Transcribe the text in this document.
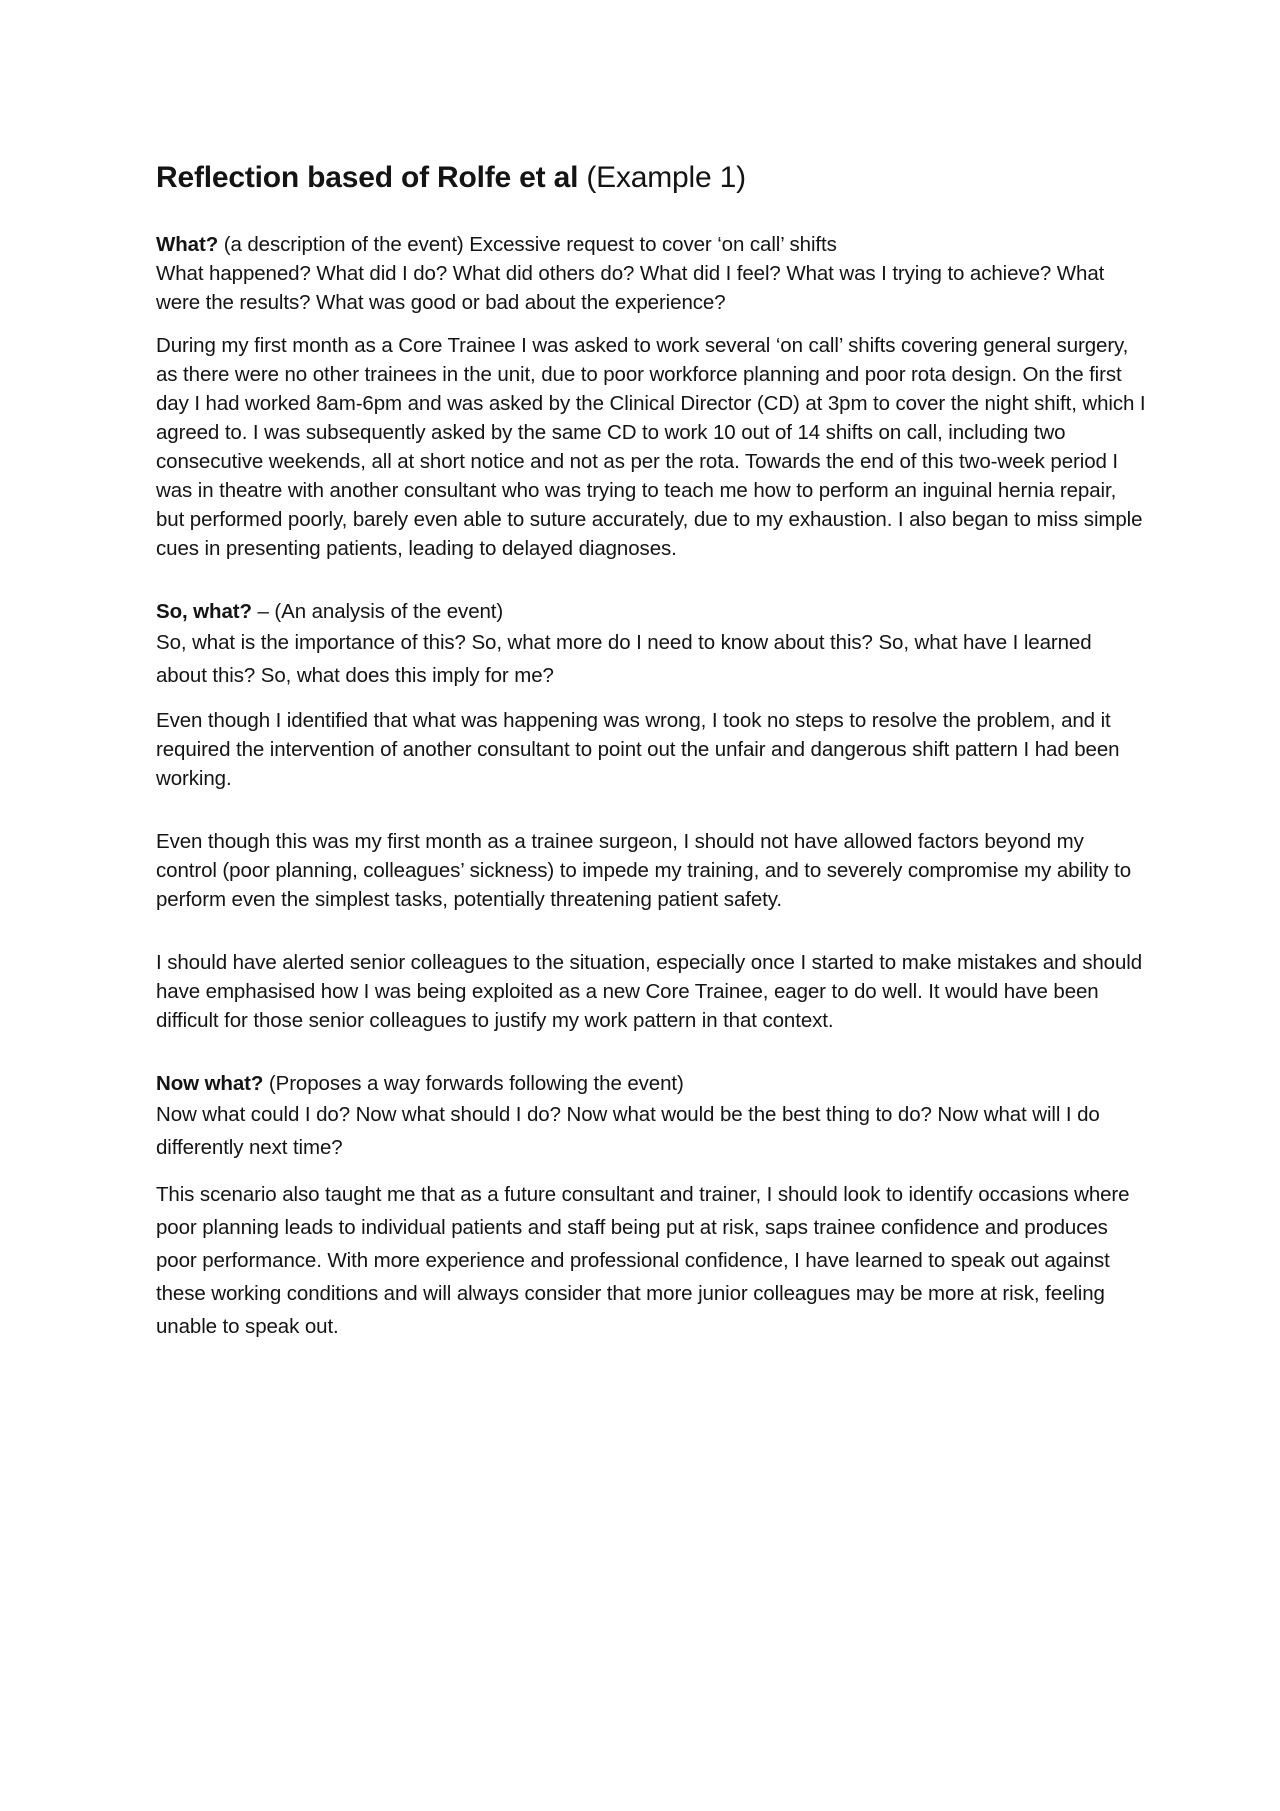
Reflection based of Rolfe et al (Example 1)

What? (a description of the event) Excessive request to cover ‘on call’ shifts

What happened? What did I do? What did others do? What did I feel? What was I trying to achieve? What were the results? What was good or bad about the experience?

During my first month as a Core Trainee I was asked to work several ‘on call’ shifts covering general surgery, as there were no other trainees in the unit, due to poor workforce planning and poor rota design. On the first day I had worked 8am-6pm and was asked by the Clinical Director (CD) at 3pm to cover the night shift, which I agreed to. I was subsequently asked by the same CD to work 10 out of 14 shifts on call, including two consecutive weekends, all at short notice and not as per the rota. Towards the end of this two-week period I was in theatre with another consultant who was trying to teach me how to perform an inguinal hernia repair, but performed poorly, barely even able to suture accurately, due to my exhaustion. I also began to miss simple cues in presenting patients, leading to delayed diagnoses.

So, what? – (An analysis of the event)

So, what is the importance of this? So, what more do I need to know about this? So, what have I learned about this? So, what does this imply for me?

Even though I identified that what was happening was wrong, I took no steps to resolve the problem, and it required the intervention of another consultant to point out the unfair and dangerous shift pattern I had been working.

Even though this was my first month as a trainee surgeon, I should not have allowed factors beyond my control (poor planning, colleagues’ sickness) to impede my training, and to severely compromise my ability to perform even the simplest tasks, potentially threatening patient safety.

I should have alerted senior colleagues to the situation, especially once I started to make mistakes and should have emphasised how I was being exploited as a new Core Trainee, eager to do well. It would have been difficult for those senior colleagues to justify my work pattern in that context.

Now what? (Proposes a way forwards following the event)

Now what could I do? Now what should I do? Now what would be the best thing to do? Now what will I do differently next time?

This scenario also taught me that as a future consultant and trainer, I should look to identify occasions where poor planning leads to individual patients and staff being put at risk, saps trainee confidence and produces poor performance. With more experience and professional confidence, I have learned to speak out against these working conditions and will always consider that more junior colleagues may be more at risk, feeling unable to speak out.
